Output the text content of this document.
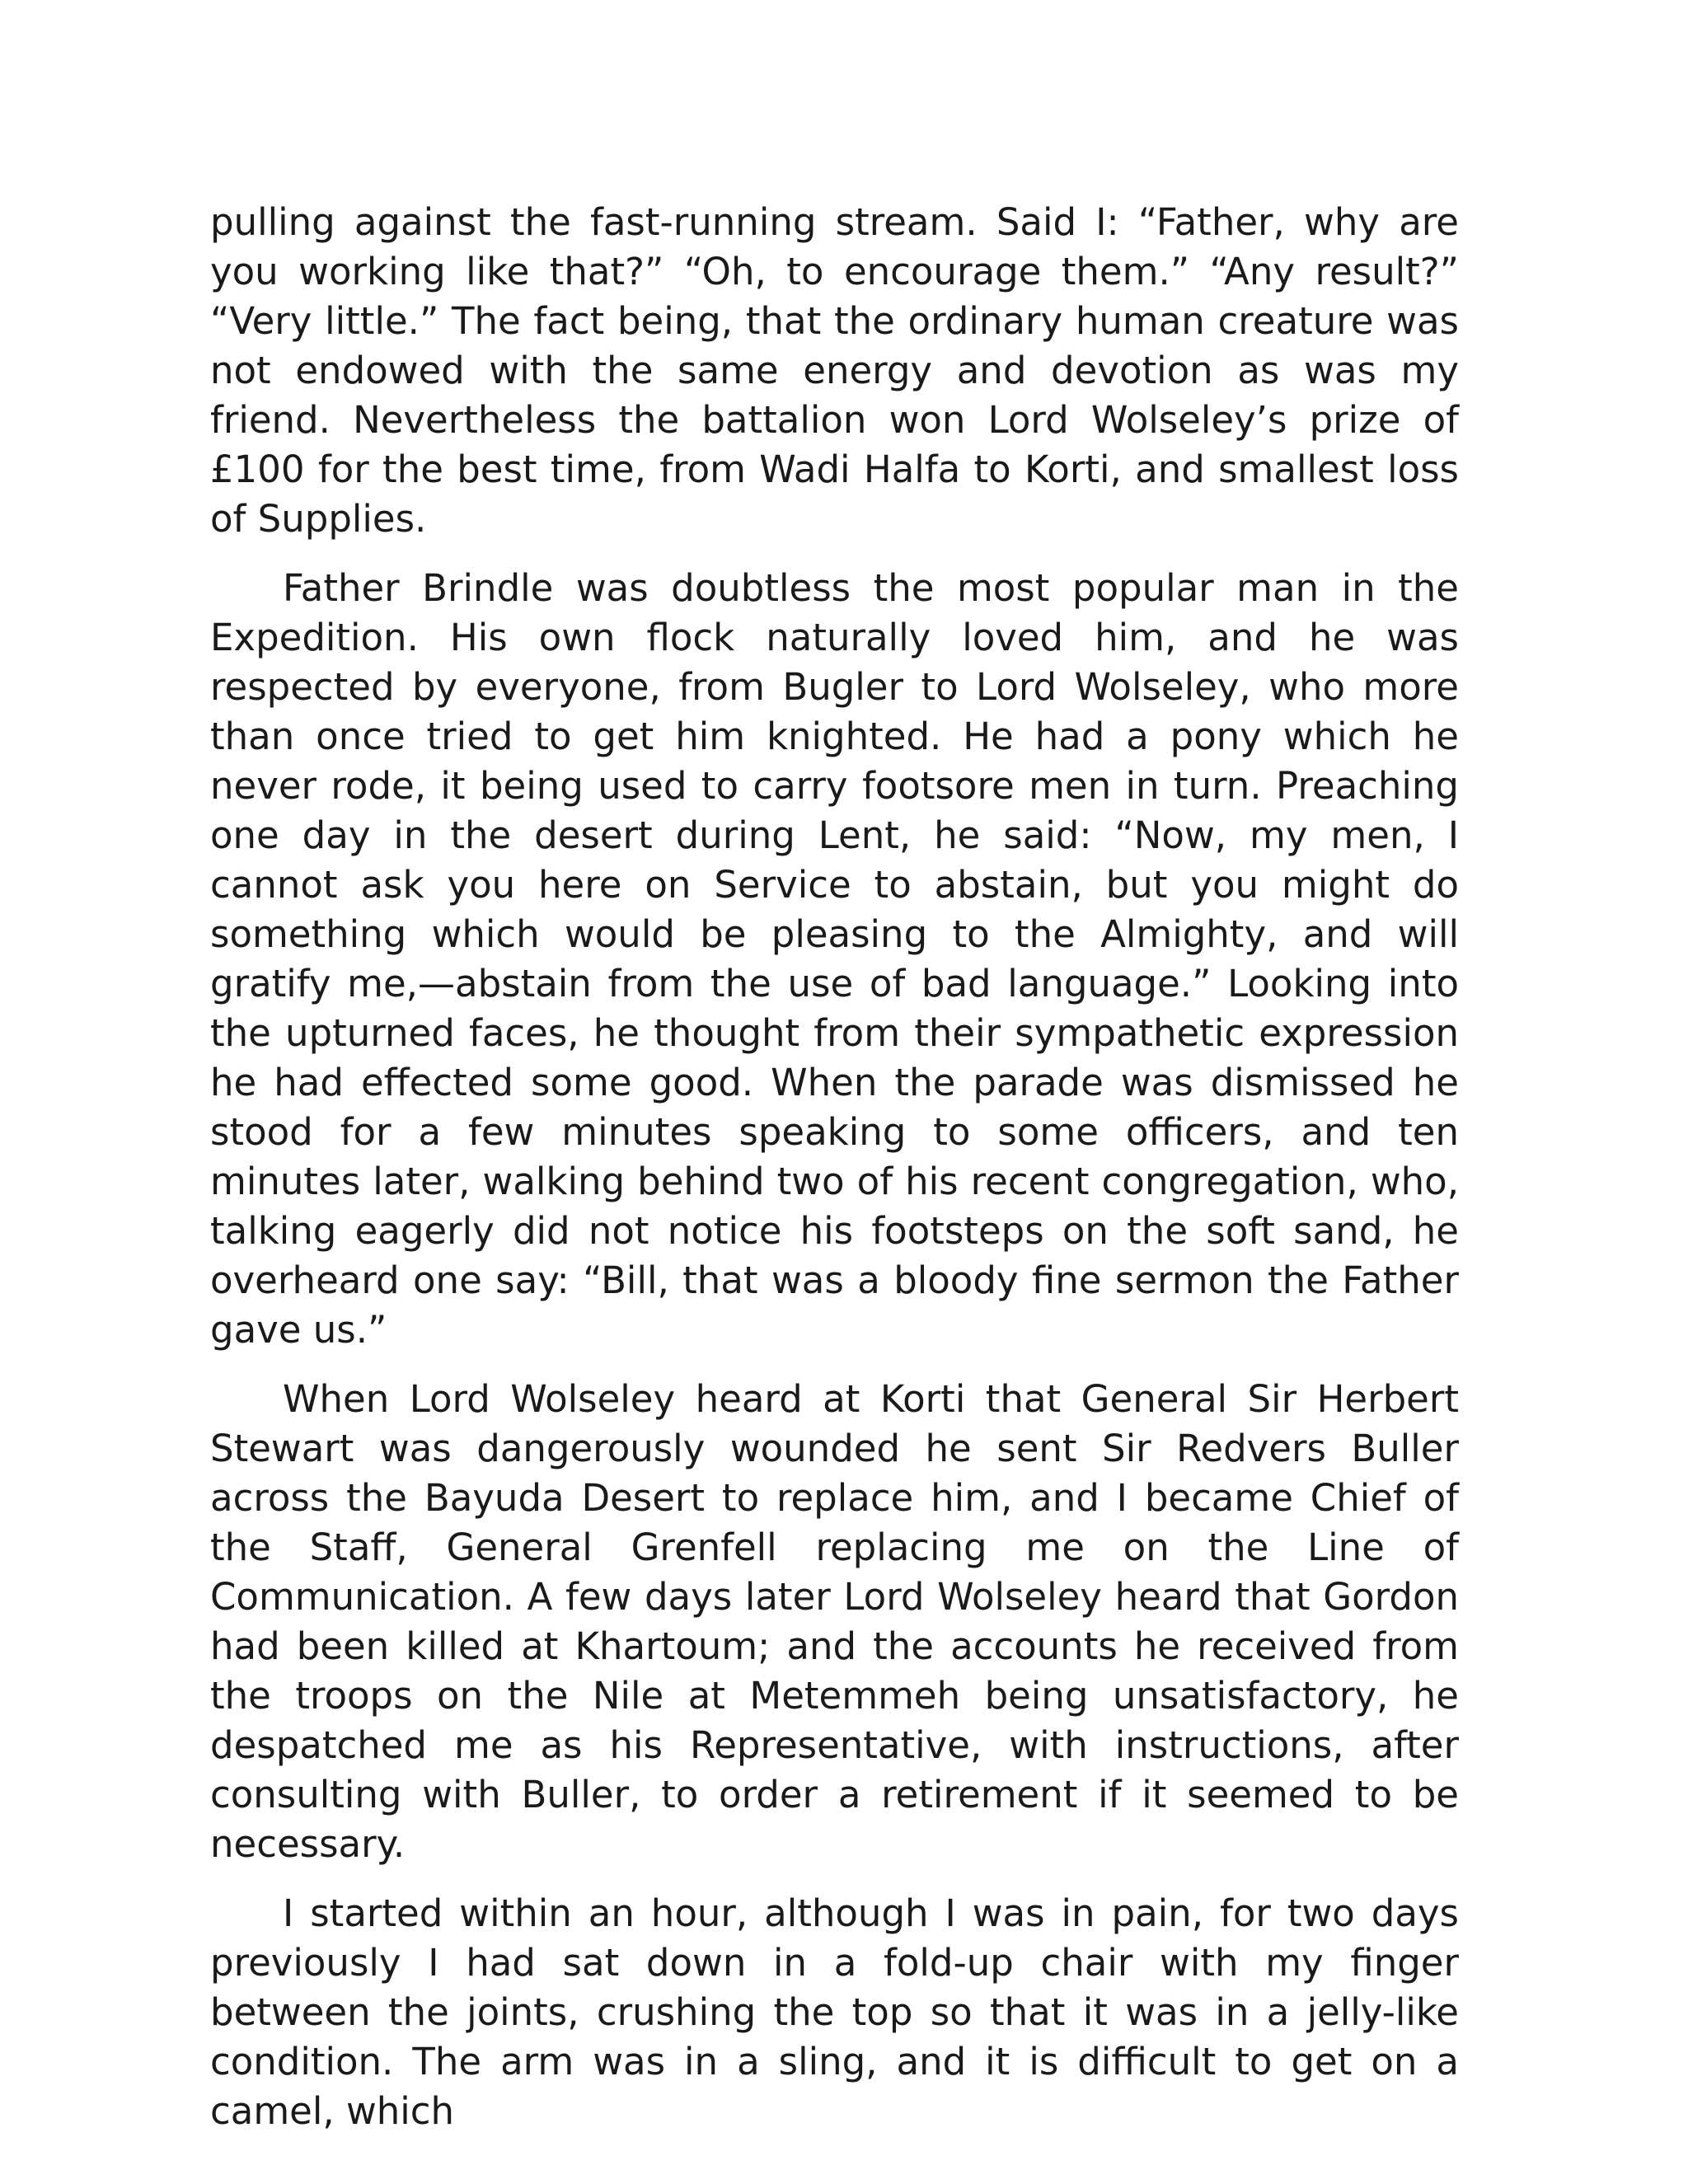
pulling against the fast-running stream. Said I: “Father, why are you working like that?” “Oh, to encourage them.” “Any result?” “Very little.” The fact being, that the ordinary human creature was not endowed with the same energy and devotion as was my friend. Nevertheless the battalion won Lord Wolseley’s prize of £100 for the best time, from Wadi Halfa to Korti, and smallest loss of Supplies.

Father Brindle was doubtless the most popular man in the Expedition. His own flock naturally loved him, and he was respected by everyone, from Bugler to Lord Wolseley, who more than once tried to get him knighted. He had a pony which he never rode, it being used to carry footsore men in turn. Preaching one day in the desert during Lent, he said: “Now, my men, I cannot ask you here on Service to abstain, but you might do something which would be pleasing to the Almighty, and will gratify me,—abstain from the use of bad language.” Looking into the upturned faces, he thought from their sympathetic expression he had effected some good. When the parade was dismissed he stood for a few minutes speaking to some officers, and ten minutes later, walking behind two of his recent congregation, who, talking eagerly did not notice his footsteps on the soft sand, he overheard one say: “Bill, that was a bloody fine sermon the Father gave us.”

When Lord Wolseley heard at Korti that General Sir Herbert Stewart was dangerously wounded he sent Sir Redvers Buller across the Bayuda Desert to replace him, and I became Chief of the Staff, General Grenfell replacing me on the Line of Communication. A few days later Lord Wolseley heard that Gordon had been killed at Khartoum; and the accounts he received from the troops on the Nile at Metemmeh being unsatisfactory, he despatched me as his Representative, with instructions, after consulting with Buller, to order a retirement if it seemed to be necessary.

I started within an hour, although I was in pain, for two days previously I had sat down in a fold-up chair with my finger between the joints, crushing the top so that it was in a jelly-like condition. The arm was in a sling, and it is difficult to get on a camel, which
